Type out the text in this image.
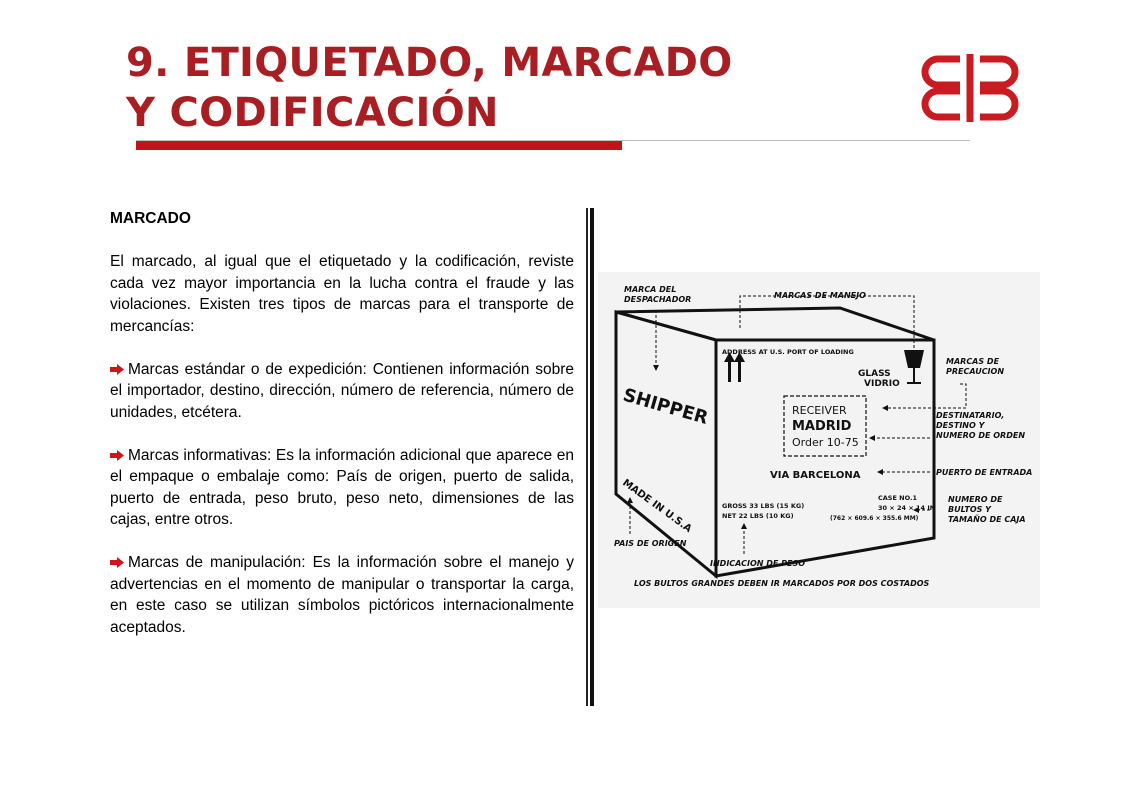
9. ETIQUETADO, MARCADO
Y CODIFICACIÓN

MARCADO

El marcado, al igual que el etiquetado y la codificación, reviste cada vez mayor importancia en la lucha contra el fraude y las violaciones. Existen tres tipos de marcas para el transporte de mercancías:

Marcas estándar o de expedición: Contienen información sobre el importador, destino, dirección, número de referencia, número de unidades, etcétera.
Marcas informativas: Es la información adicional que aparece en el empaque o embalaje como: País de origen, puerto de salida, puerto de entrada, peso bruto, peso neto, dimensiones de las cajas, entre otros.
Marcas de manipulación: Es la información sobre el manejo y advertencias en el momento de manipular o transportar la carga, en este caso se utilizan símbolos pictóricos internacionalmente aceptados.
MARCA DEL
DESPACHADOR	MARCAS DE MANEJO
MARCAS DE
PRECAUCION
DESTINATARIO,
DESTINO Y
NUMERO DE ORDEN
PUERTO DE ENTRADA
NUMERO DE
BULTOS Y
TAMAÑO DE CAJA
PAIS DE ORIGEN
INDICACION DE PESO
LOS BULTOS GRANDES DEBEN IR MARCADOS POR DOS COSTADOS
SHIPPER
MADE IN U.S.A
ADDRESS AT U.S. PORT OF LOADING
GLASS
VIDRIO
RECEIVER
MADRID
Order 10-75
VIA BARCELONA
GROSS 33 LBS (15 KG)
NET 22 LBS (10 KG)
CASE NO.1
30 × 24 × 14 IN
(762 × 609.6 × 355.6 MM)
